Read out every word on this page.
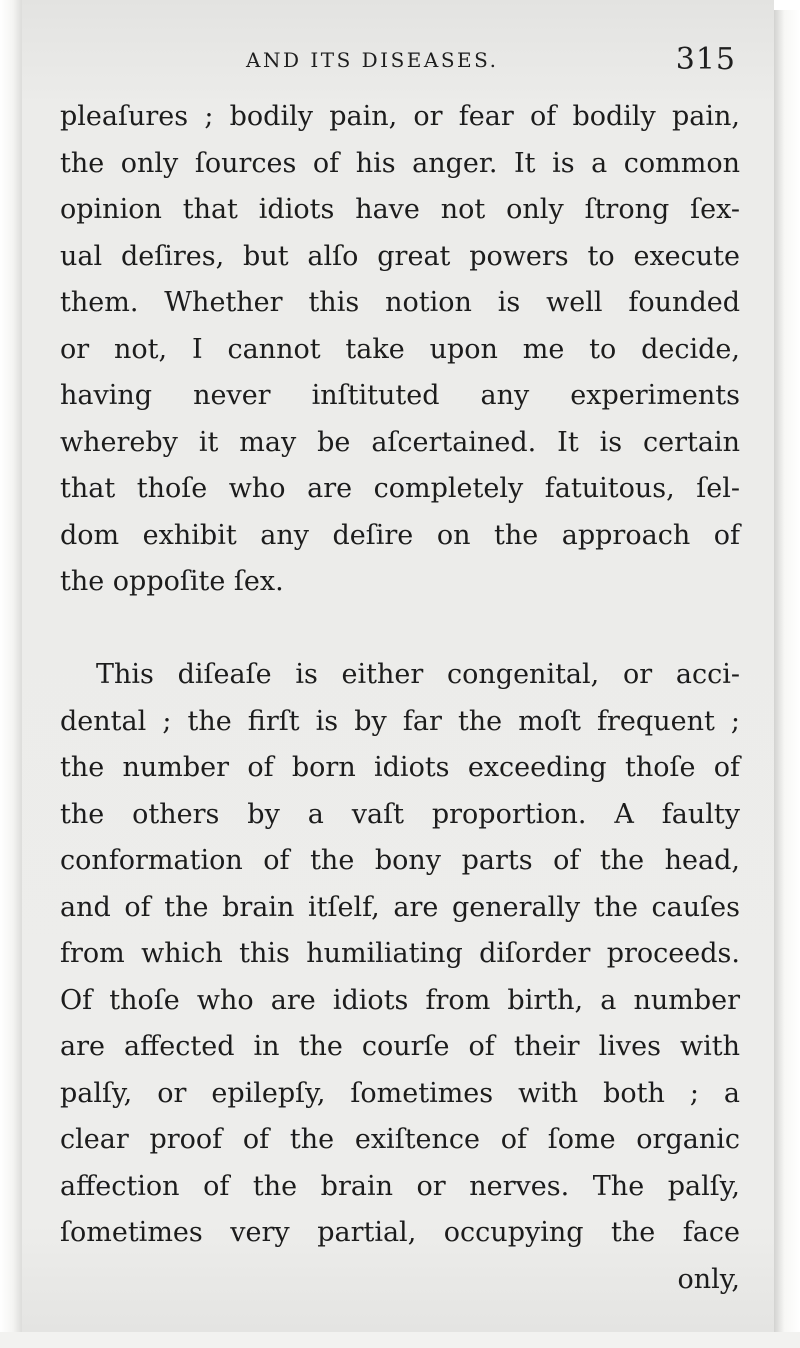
AND ITS DISEASES.	315
pleaſures ; bodily pain, or fear of bodily pain,
the only ſources of his anger. It is a common
opinion that idiots have not only ſtrong ſex-
ual deſires, but alſo great powers to execute
them. Whether this notion is well founded
or not, I cannot take upon me to decide,
having never inſtituted any experiments
whereby it may be aſcertained. It is certain
that thoſe who are completely fatuitous, ſel-
dom exhibit any deſire on the approach of
the oppoſite ſex.
This diſeaſe is either congenital, or acci-
dental ; the firſt is by far the moſt frequent ;
the number of born idiots exceeding thoſe of
the others by a vaſt proportion. A faulty
conformation of the bony parts of the head,
and of the brain itſelf, are generally the cauſes
from which this humiliating diſorder proceeds.
Of thoſe who are idiots from birth, a number
are affected in the courſe of their lives with
palſy, or epilepſy, ſometimes with both ; a
clear proof of the exiſtence of ſome organic
affection of the brain or nerves. The palſy,
ſometimes very partial, occupying the face
only,
